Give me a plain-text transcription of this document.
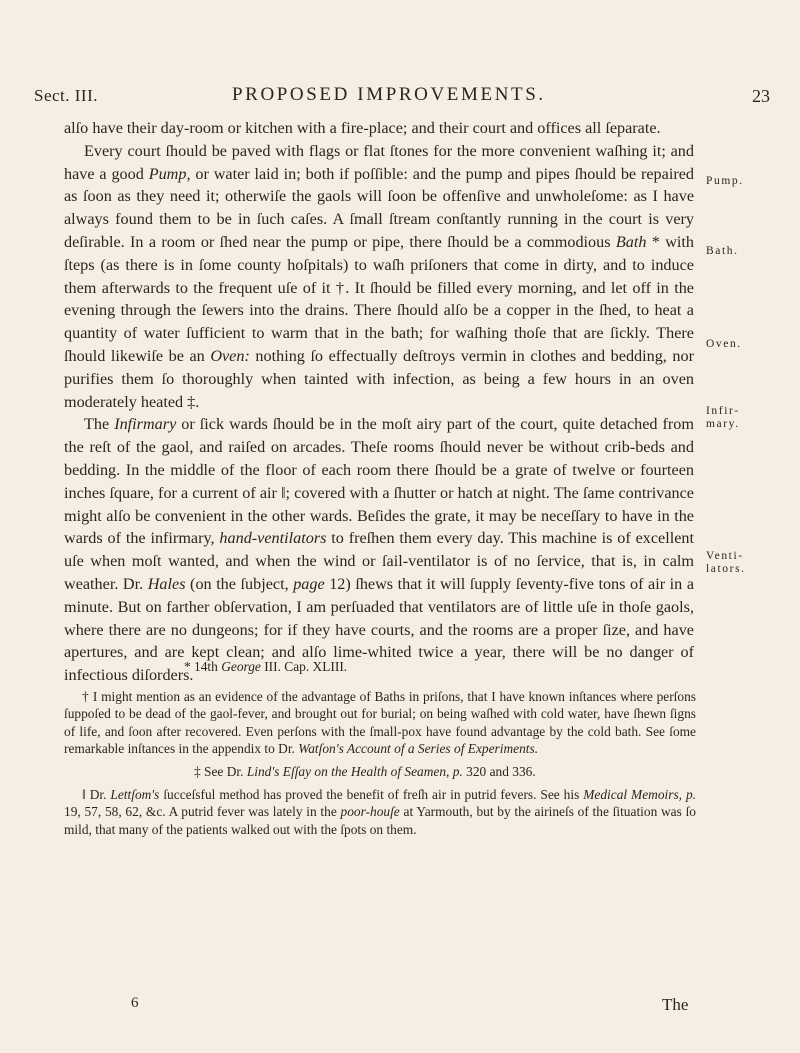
Sect. III.	PROPOSED IMPROVEMENTS.	23

alſo have their day-room or kitchen with a fire-place; and their court and offices all ſeparate.

Every court ſhould be paved with flags or flat ſtones for the more convenient waſhing it; and have a good Pump, or water laid in; both if poſſible: and the pump and pipes ſhould be repaired as ſoon as they need it; otherwiſe the gaols will ſoon be offenſive and unwholeſome: as I have always found them to be in ſuch caſes. A ſmall ſtream conſtantly running in the court is very deſirable. In a room or ſhed near the pump or pipe, there ſhould be a commodious Bath * with ſteps (as there is in ſome county hoſpitals) to waſh priſoners that come in dirty, and to induce them afterwards to the frequent uſe of it †. It ſhould be filled every morning, and let off in the evening through the ſewers into the drains. There ſhould alſo be a copper in the ſhed, to heat a quantity of water ſufficient to warm that in the bath; for waſhing thoſe that are ſickly. There ſhould likewiſe be an Oven: nothing ſo effectually deſtroys vermin in clothes and bedding, nor purifies them ſo thoroughly when tainted with infection, as being a few hours in an oven moderately heated ‡.

The Infirmary or ſick wards ſhould be in the moſt airy part of the court, quite detached from the reſt of the gaol, and raiſed on arcades. Theſe rooms ſhould never be without crib-beds and bedding. In the middle of the floor of each room there ſhould be a grate of twelve or fourteen inches ſquare, for a current of air ‖; covered with a ſhutter or hatch at night. The ſame contrivance might alſo be convenient in the other wards. Beſides the grate, it may be neceſſary to have in the wards of the infirmary, hand-ventilators to freſhen them every day. This machine is of excellent uſe when moſt wanted, and when the wind or ſail-ventilator is of no ſervice, that is, in calm weather. Dr. Hales (on the ſubject, page 12) ſhews that it will ſupply ſeventy-five tons of air in a minute. But on farther obſervation, I am perſuaded that ventilators are of little uſe in thoſe gaols, where there are no dungeons; for if they have courts, and the rooms are a proper ſize, and have apertures, and are kept clean; and alſo lime-whited twice a year, there will be no danger of infectious diſorders.

Pump.
Bath.
Oven.
Infir-
mary.
Venti-
lators.

* 14th George III. Cap. XLIII.

† I might mention as an evidence of the advantage of Baths in priſons, that I have known inſtances where perſons ſuppoſed to be dead of the gaol-fever, and brought out for burial; on being waſhed with cold water, have ſhewn ſigns of life, and ſoon after recovered. Even perſons with the ſmall-pox have found advantage by the cold bath. See ſome remarkable inſtances in the appendix to Dr. Watſon's Account of a Series of Experiments.

‡ See Dr. Lind's Eſſay on the Health of Seamen, p. 320 and 336.

‖ Dr. Lettſom's ſucceſsful method has proved the benefit of freſh air in putrid fevers. See his Medical Memoirs, p. 19, 57, 58, 62, &c. A putrid fever was lately in the poor-houſe at Yarmouth, but by the airineſs of the ſituation was ſo mild, that many of the patients walked out with the ſpots on them.

6	The
